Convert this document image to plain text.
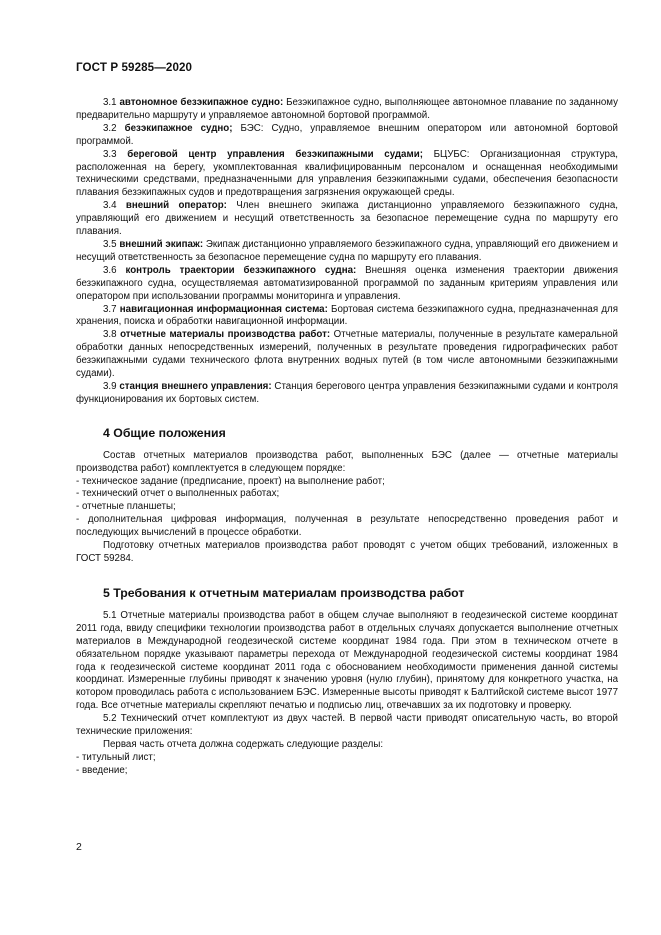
ГОСТ Р 59285—2020

3.1 автономное безэкипажное судно: Безэкипажное судно, выполняющее автономное плавание по заданному предварительно маршруту и управляемое автономной бортовой программой.

3.2 безэкипажное судно; БЭС: Судно, управляемое внешним оператором или автономной бортовой программой.

3.3 береговой центр управления безэкипажными судами; БЦУБС: Организационная структура, расположенная на берегу, укомплектованная квалифицированным персоналом и оснащенная необходимыми техническими средствами, предназначенными для управления безэкипажными судами, обеспечения безопасности плавания безэкипажных судов и предотвращения загрязнения окружающей среды.

3.4 внешний оператор: Член внешнего экипажа дистанционно управляемого безэкипажного судна, управляющий его движением и несущий ответственность за безопасное перемещение судна по маршруту его плавания.

3.5 внешний экипаж: Экипаж дистанционно управляемого безэкипажного судна, управляющий его движением и несущий ответственность за безопасное перемещение судна по маршруту его плавания.

3.6 контроль траектории безэкипажного судна: Внешняя оценка изменения траектории движения безэкипажного судна, осуществляемая автоматизированной программой по заданным критериям управления или оператором при использовании программы мониторинга и управления.

3.7 навигационная информационная система: Бортовая система безэкипажного судна, предназначенная для хранения, поиска и обработки навигационной информации.

3.8 отчетные материалы производства работ: Отчетные материалы, полученные в результате камеральной обработки данных непосредственных измерений, полученных в результате проведения гидрографических работ безэкипажными судами технического флота внутренних водных путей (в том числе автономными безэкипажными судами).

3.9 станция внешнего управления: Станция берегового центра управления безэкипажными судами и контроля функционирования их бортовых систем.

4 Общие положения

Состав отчетных материалов производства работ, выполненных БЭС (далее — отчетные материалы производства работ) комплектуется в следующем порядке:

- техническое задание (предписание, проект) на выполнение работ;

- технический отчет о выполненных работах;

- отчетные планшеты;

- дополнительная цифровая информация, полученная в результате непосредственно проведения работ и последующих вычислений в процессе обработки.

Подготовку отчетных материалов производства работ проводят с учетом общих требований, изложенных в ГОСТ 59284.

5 Требования к отчетным материалам производства работ

5.1 Отчетные материалы производства работ в общем случае выполняют в геодезической системе координат 2011 года, ввиду специфики технологии производства работ в отдельных случаях допускается выполнение отчетных материалов в Международной геодезической системе координат 1984 года. При этом в техническом отчете в обязательном порядке указывают параметры перехода от Международной геодезической системы координат 1984 года к геодезической системе координат 2011 года с обоснованием необходимости применения данной системы координат. Измеренные глубины приводят к значению уровня (нулю глубин), принятому для конкретного участка, на котором проводилась работа с использованием БЭС. Измеренные высоты приводят к Балтийской системе высот 1977 года. Все отчетные материалы скрепляют печатью и подписью лиц, отвечавших за их подготовку и проверку.

5.2 Технический отчет комплектуют из двух частей. В первой части приводят описательную часть, во второй технические приложения:

Первая часть отчета должна содержать следующие разделы:

- титульный лист;

- введение;

2
